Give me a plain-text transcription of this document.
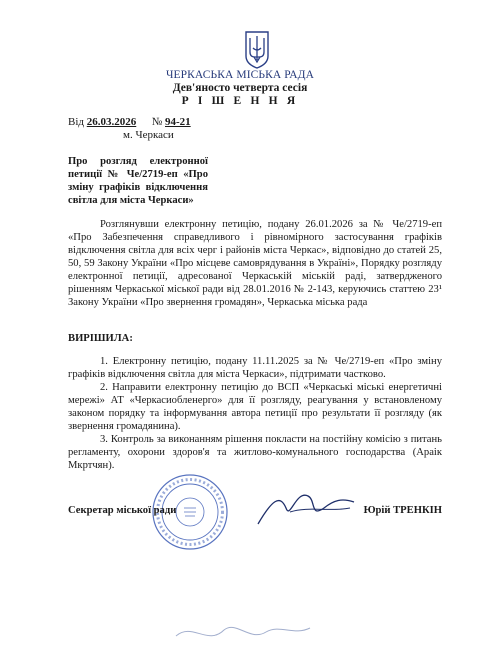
ЧЕРКАСЬКА МІСЬКА РАДА
Дев'яносто четверта сесія
Р І Ш Е Н Н Я
Від 26.03.2026 № 94-21
м. Черкаси
Про розгляд електронної петиції № Че/2719-еп «Про зміну графіків відключення світла для міста Черкаси»
Розглянувши електронну петицію, подану 26.01.2026 за № Че/2719-еп «Про Забезпечення справедливого і рівномірного застосування графіків відключення світла для всіх черг і районів міста Черкас», відповідно до статей 25, 50, 59 Закону України «Про місцеве самоврядування в Україні», Порядку розгляду електронної петиції, адресованої Черкаській міській раді, затвердженого рішенням Черкаської міської ради від 28.01.2016 № 2-143, керуючись статтею 23¹ Закону України «Про звернення громадян», Черкаська міська рада
ВИРІШИЛА:
1. Електронну петицію, подану 11.11.2025 за № Че/2719-еп «Про зміну графіків відключення світла для міста Черкаси», підтримати частково.
2. Направити електронну петицію до ВСП «Черкаські міські енергетичні мережі» АТ «Черкасиобленерго» для її розгляду, реагування у встановленому законом порядку та інформування автора петиції про результати її розгляду (як звернення громадянина).
3. Контроль за виконанням рішення покласти на постійну комісію з питань регламенту, охорони здоров'я та житлово-комунального господарства (Араік Мкртчян).
Секретар міської ради	Юрій ТРЕНКІН
